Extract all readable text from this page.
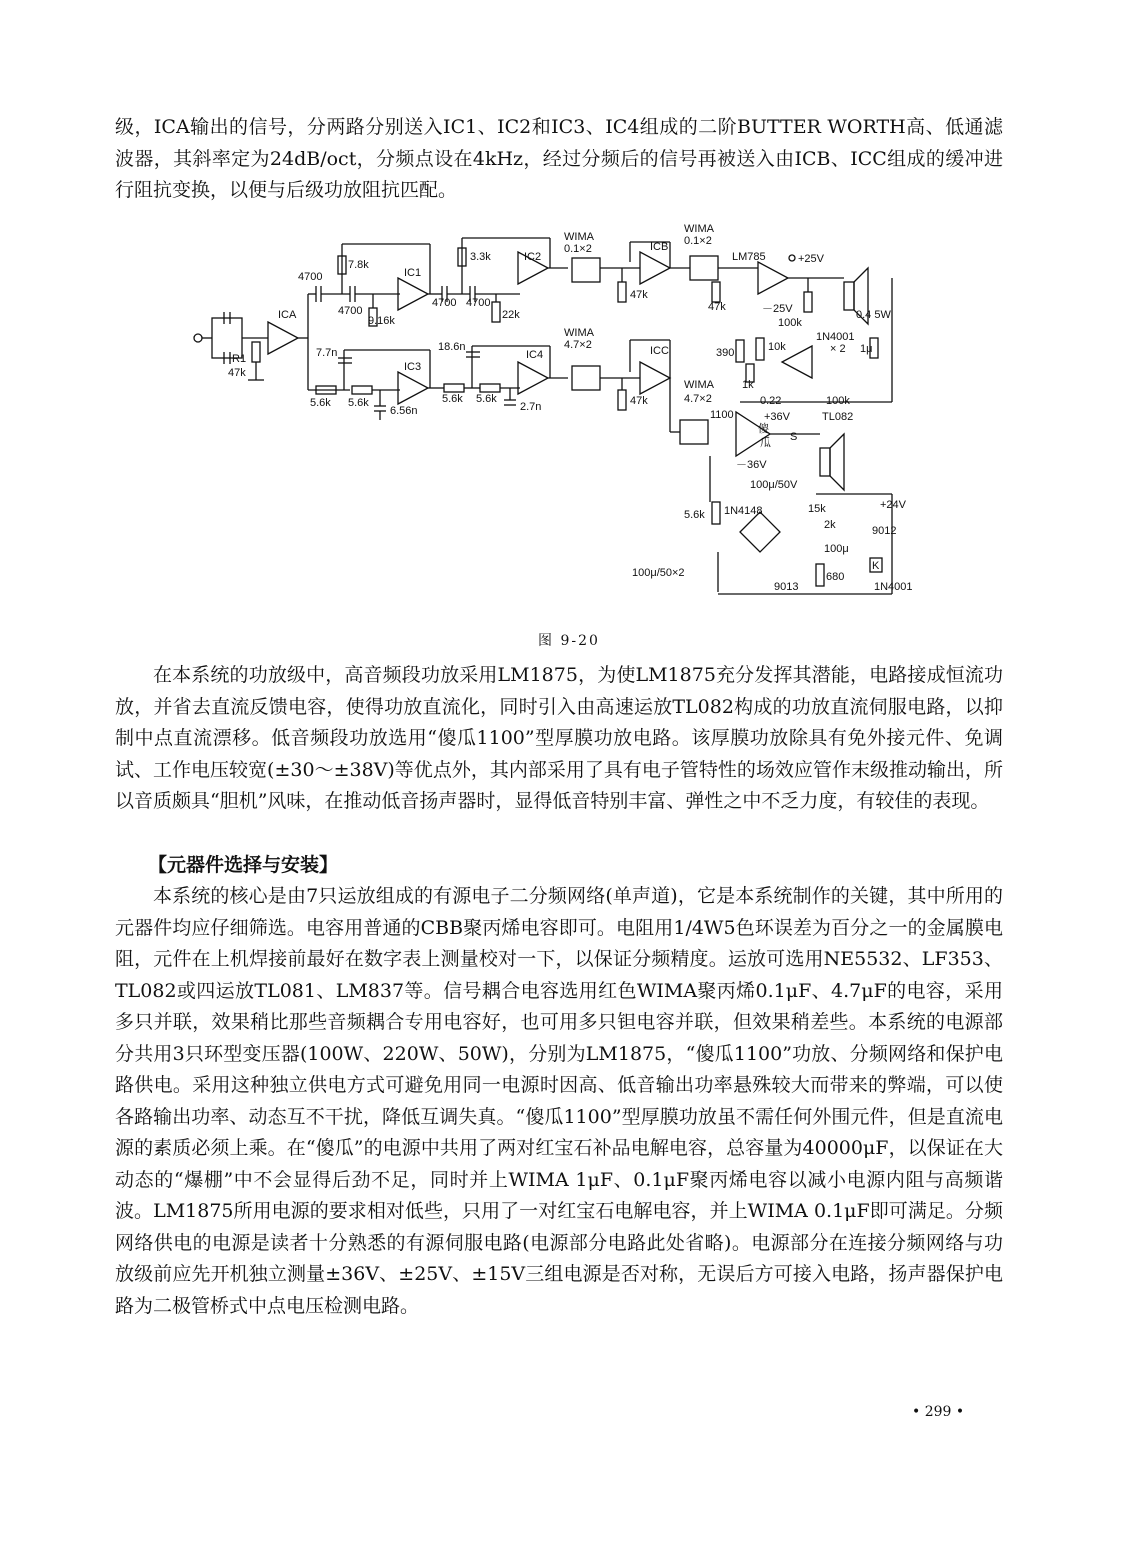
级，ICA输出的信号，分两路分别送入IC1、IC2和IC3、IC4组成的二阶BUTTER WORTH高、低通滤波器，其斜率定为24dB/oct，分频点设在4kHz，经过分频后的信号再被送入由ICB、ICC组成的缓冲进行阻抗变换，以便与后级功放阻抗匹配。

R1
47k
ICA
4700
4700
7.8k
9.16k
IC1
4700 4700
3.3k
22k
IC2
5.6k 5.6k
7.7n
6.56n
IC3
5.6k 5.6k
18.6n
2.7n
IC4
WIMA
0.1×2
47k
ICB
WIMA
0.1×2
47k
WIMA
4.7×2
47k
ICC
WIMA
4.7×2
LM785	+25V
－25V
100k
0.4 5W
1N4001
× 2 1μ
390	10k
1k
0.22	100k
TL082
1100
傻
瓜
+36V
－36V
S
100μ/50V
5.6k 1N4148	15k
2k
+24V
9012
100μ
K
100μ/50×2
9013
680
1N4001
图 9-20

在本系统的功放级中，高音频段功放采用LM1875，为使LM1875充分发挥其潜能，电路接成恒流功放，并省去直流反馈电容，使得功放直流化，同时引入由高速运放TL082构成的功放直流伺服电路，以抑制中点直流漂移。低音频段功放选用“傻瓜1100”型厚膜功放电路。该厚膜功放除具有免外接元件、免调试、工作电压较宽(±30～±38V)等优点外，其内部采用了具有电子管特性的场效应管作末级推动输出，所以音质颇具“胆机”风味，在推动低音扬声器时，显得低音特别丰富、弹性之中不乏力度，有较佳的表现。

【元器件选择与安装】

本系统的核心是由7只运放组成的有源电子二分频网络(单声道)，它是本系统制作的关键，其中所用的元器件均应仔细筛选。电容用普通的CBB聚丙烯电容即可。电阻用1/4W5色环误差为百分之一的金属膜电阻，元件在上机焊接前最好在数字表上测量校对一下，以保证分频精度。运放可选用NE5532、LF353、TL082或四运放TL081、LM837等。信号耦合电容选用红色WIMA聚丙烯0.1μF、4.7μF的电容，采用多只并联，效果稍比那些音频耦合专用电容好，也可用多只钽电容并联，但效果稍差些。本系统的电源部分共用3只环型变压器(100W、220W、50W)，分别为LM1875，“傻瓜1100”功放、分频网络和保护电路供电。采用这种独立供电方式可避免用同一电源时因高、低音输出功率悬殊较大而带来的弊端，可以使各路输出功率、动态互不干扰，降低互调失真。“傻瓜1100”型厚膜功放虽不需任何外围元件，但是直流电源的素质必须上乘。在“傻瓜”的电源中共用了两对红宝石补品电解电容，总容量为40000μF，以保证在大动态的“爆棚”中不会显得后劲不足，同时并上WIMA 1μF、0.1μF聚丙烯电容以减小电源内阻与高频谐波。LM1875所用电源的要求相对低些，只用了一对红宝石电解电容，并上WIMA 0.1μF即可满足。分频网络供电的电源是读者十分熟悉的有源伺服电路(电源部分电路此处省略)。电源部分在连接分频网络与功放级前应先开机独立测量±36V、±25V、±15V三组电源是否对称，无误后方可接入电路，扬声器保护电路为二极管桥式中点电压检测电路。

• 299 •
